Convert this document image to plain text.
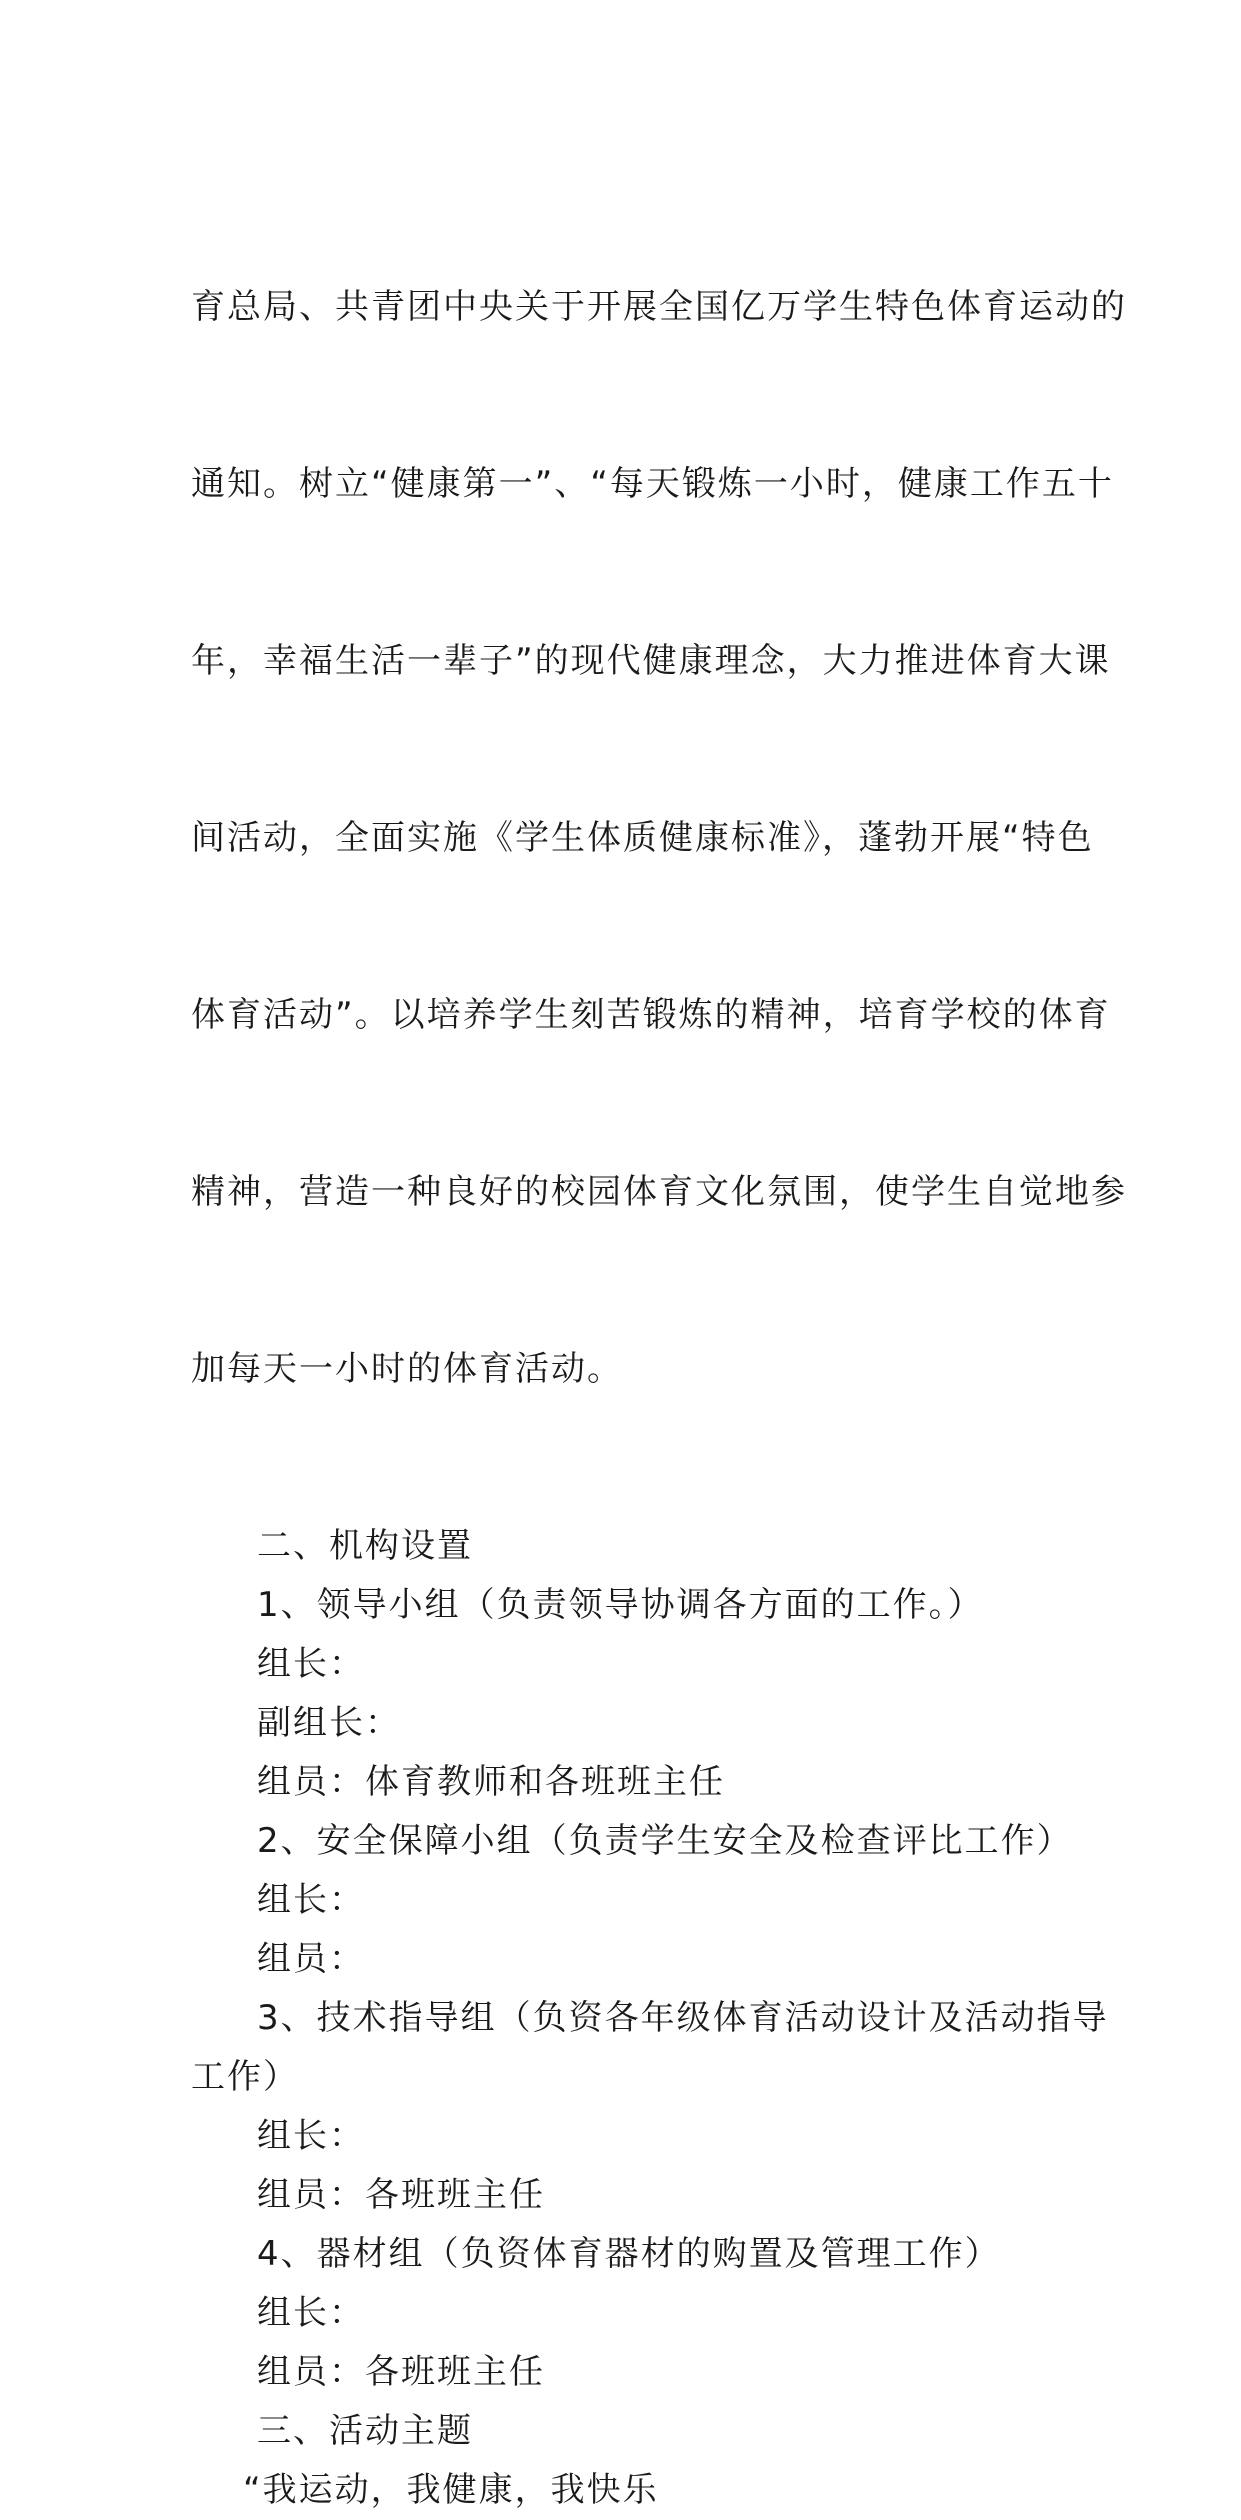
育总局、共青团中央关于开展全国亿万学生特色体育运动的

通知。树立“健康第一”、“每天锻炼一小时，健康工作五十

年，幸福生活一辈子”的现代健康理念，大力推进体育大课

间活动，全面实施《学生体质健康标准》，蓬勃开展“特色

体育活动”。以培养学生刻苦锻炼的精神，培育学校的体育

精神，营造一种良好的校园体育文化氛围，使学生自觉地参

加每天一小时的体育活动。

二、机构设置
1、领导小组（负责领导协调各方面的工作。）
组长：
副组长：
组员：体育教师和各班班主任
2、安全保障小组（负责学生安全及检查评比工作）
组长：
组员：
3、技术指导组（负资各年级体育活动设计及活动指导
工作）
组长：
组员：各班班主任
4、器材组（负资体育器材的购置及管理工作）
组长：
组员：各班班主任
三、活动主题
“我运动，我健康，我快乐
